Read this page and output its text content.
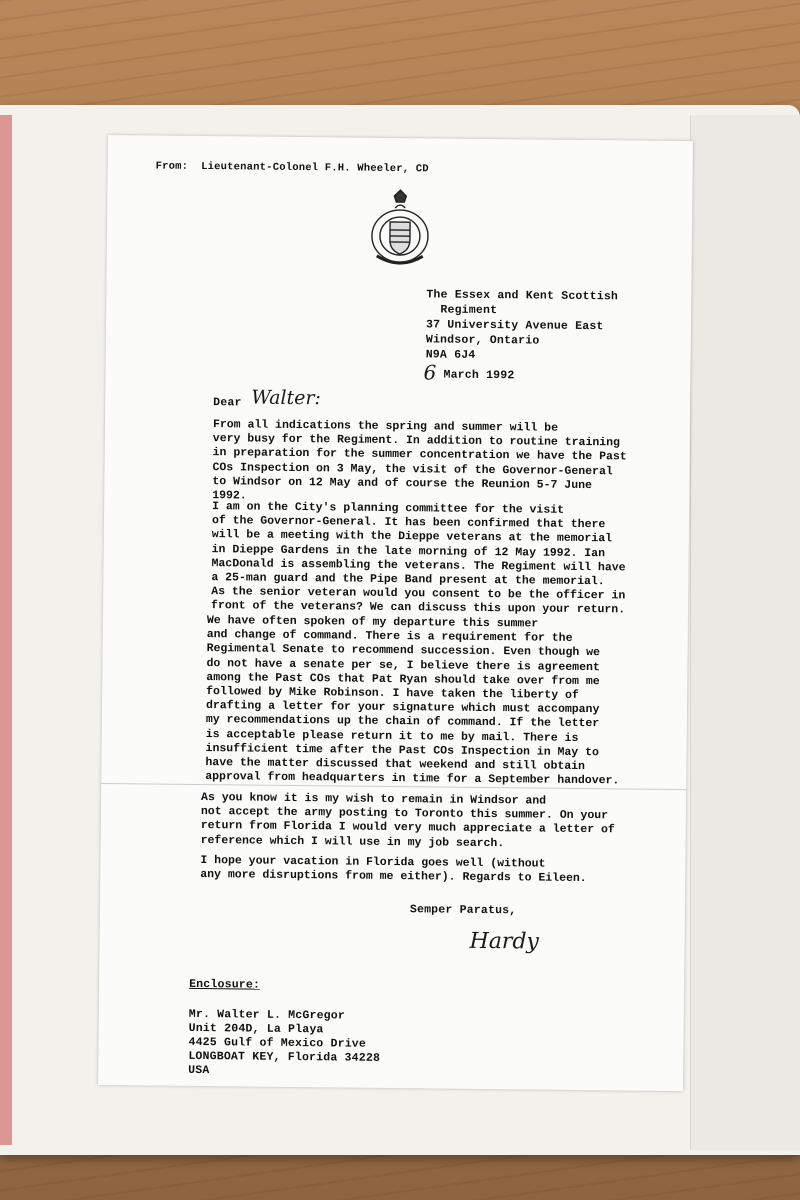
From: Lieutenant-Colonel F.H. Wheeler, CD
The Essex and Kent Scottish
Regiment
37 University Avenue East
Windsor, Ontario
N9A 6J4
6 March 1992
Dear Walter:
From all indications the spring and summer will be
very busy for the Regiment. In addition to routine training
in preparation for the summer concentration we have the Past
COs Inspection on 3 May, the visit of the Governor-General
to Windsor on 12 May and of course the Reunion 5-7 June 1992.
I am on the City's planning committee for the visit
of the Governor-General. It has been confirmed that there
will be a meeting with the Dieppe veterans at the memorial
in Dieppe Gardens in the late morning of 12 May 1992. Ian
MacDonald is assembling the veterans. The Regiment will have
a 25-man guard and the Pipe Band present at the memorial.
As the senior veteran would you consent to be the officer in
front of the veterans? We can discuss this upon your return.
We have often spoken of my departure this summer
and change of command. There is a requirement for the
Regimental Senate to recommend succession. Even though we
do not have a senate per se, I believe there is agreement
among the Past COs that Pat Ryan should take over from me
followed by Mike Robinson. I have taken the liberty of
drafting a letter for your signature which must accompany
my recommendations up the chain of command. If the letter
is acceptable please return it to me by mail. There is
insufficient time after the Past COs Inspection in May to
have the matter discussed that weekend and still obtain
approval from headquarters in time for a September handover.
As you know it is my wish to remain in Windsor and
not accept the army posting to Toronto this summer. On your
return from Florida I would very much appreciate a letter of
reference which I will use in my job search.
I hope your vacation in Florida goes well (without
any more disruptions from me either). Regards to Eileen.
Semper Paratus,
Hardy
Enclosure:
Mr. Walter L. McGregor
Unit 204D, La Playa
4425 Gulf of Mexico Drive
LONGBOAT KEY, Florida 34228
USA
